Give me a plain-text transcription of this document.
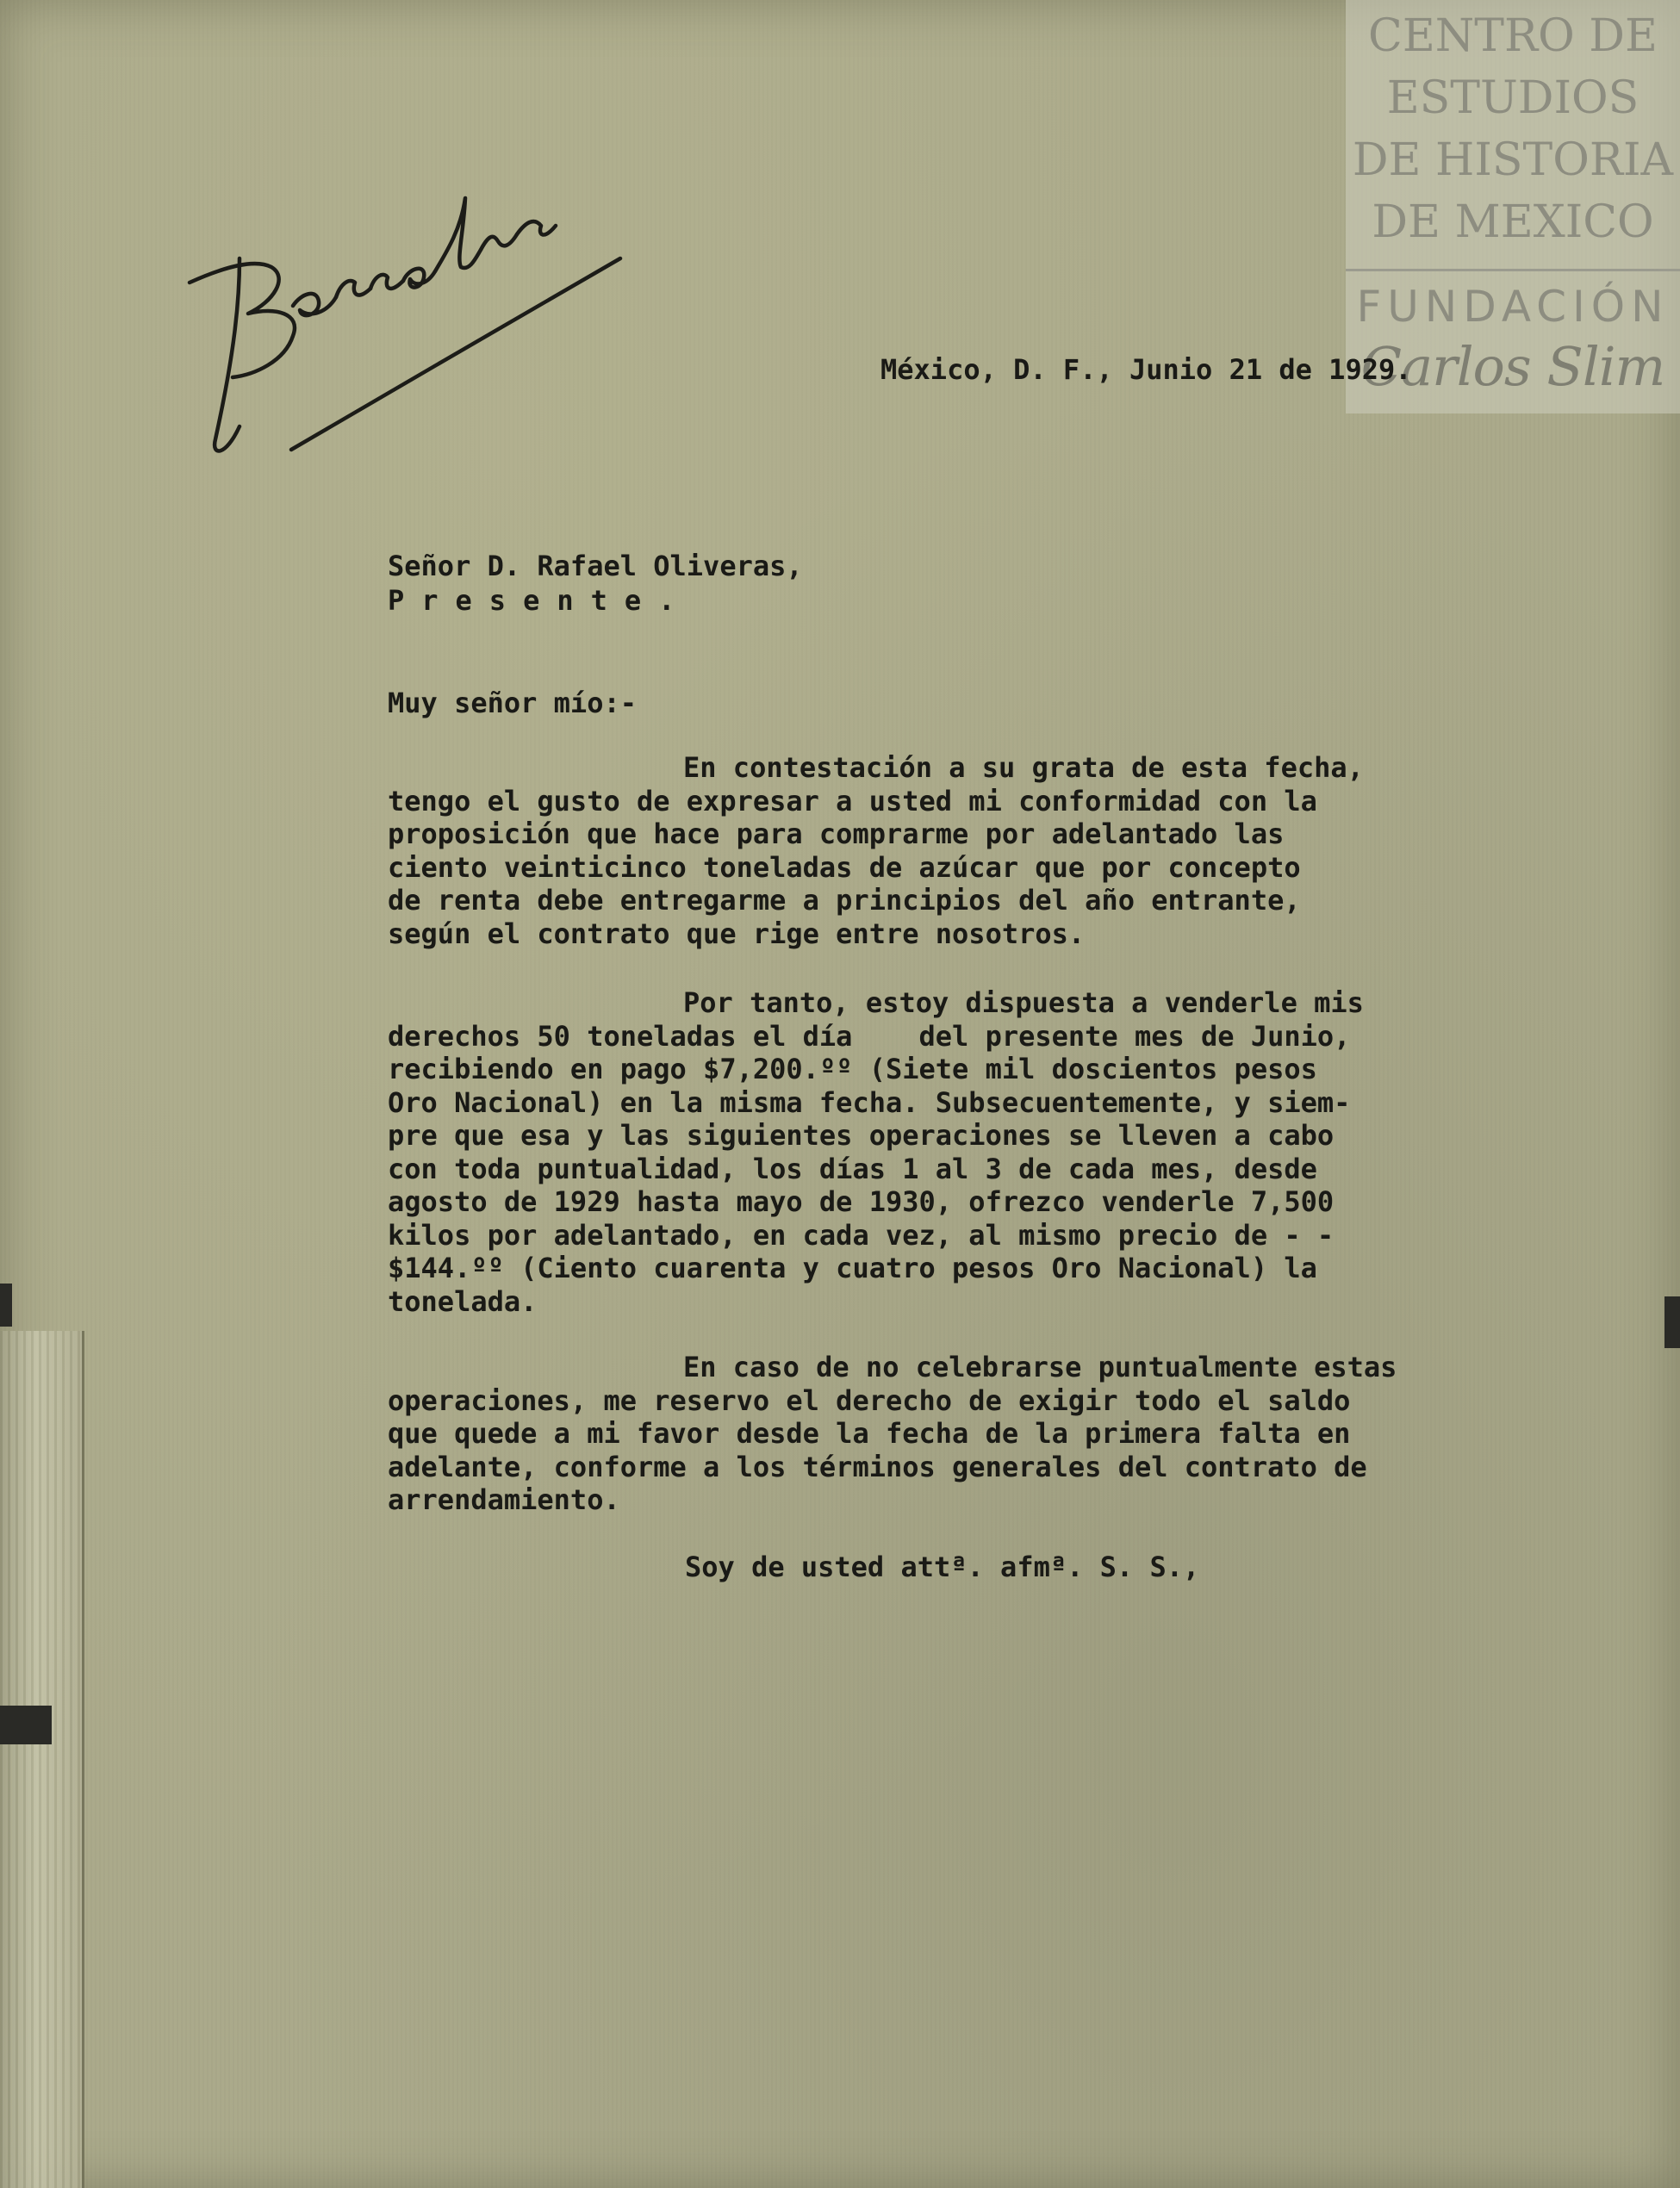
CENTRO DE
ESTUDIOS
DE HISTORIA
DE MEXICO
FUNDACIÓN
Carlos Slim
México, D. F., Junio 21 de 1929.
Señor D. Rafael Oliveras,
Presente.
Muy señor mío:-
En contestación a su grata de esta fecha,
tengo el gusto de expresar a usted mi conformidad con la
proposición que hace para comprarme por adelantado las
ciento veinticinco toneladas de azúcar que por concepto
de renta debe entregarme a principios del año entrante,
según el contrato que rige entre nosotros.
Por tanto, estoy dispuesta a venderle mis
derechos 50 toneladas el día    del presente mes de Junio,
recibiendo en pago $7,200.ºº (Siete mil doscientos pesos
Oro Nacional) en la misma fecha. Subsecuentemente, y siem-
pre que esa y las siguientes operaciones se lleven a cabo
con toda puntualidad, los días 1 al 3 de cada mes, desde
agosto de 1929 hasta mayo de 1930, ofrezco venderle 7,500
kilos por adelantado, en cada vez, al mismo precio de - -
$144.ºº (Ciento cuarenta y cuatro pesos Oro Nacional) la
tonelada.
En caso de no celebrarse puntualmente estas
operaciones, me reservo el derecho de exigir todo el saldo
que quede a mi favor desde la fecha de la primera falta en
adelante, conforme a los términos generales del contrato de
arrendamiento.
Soy de usted attª. afmª. S. S.,
